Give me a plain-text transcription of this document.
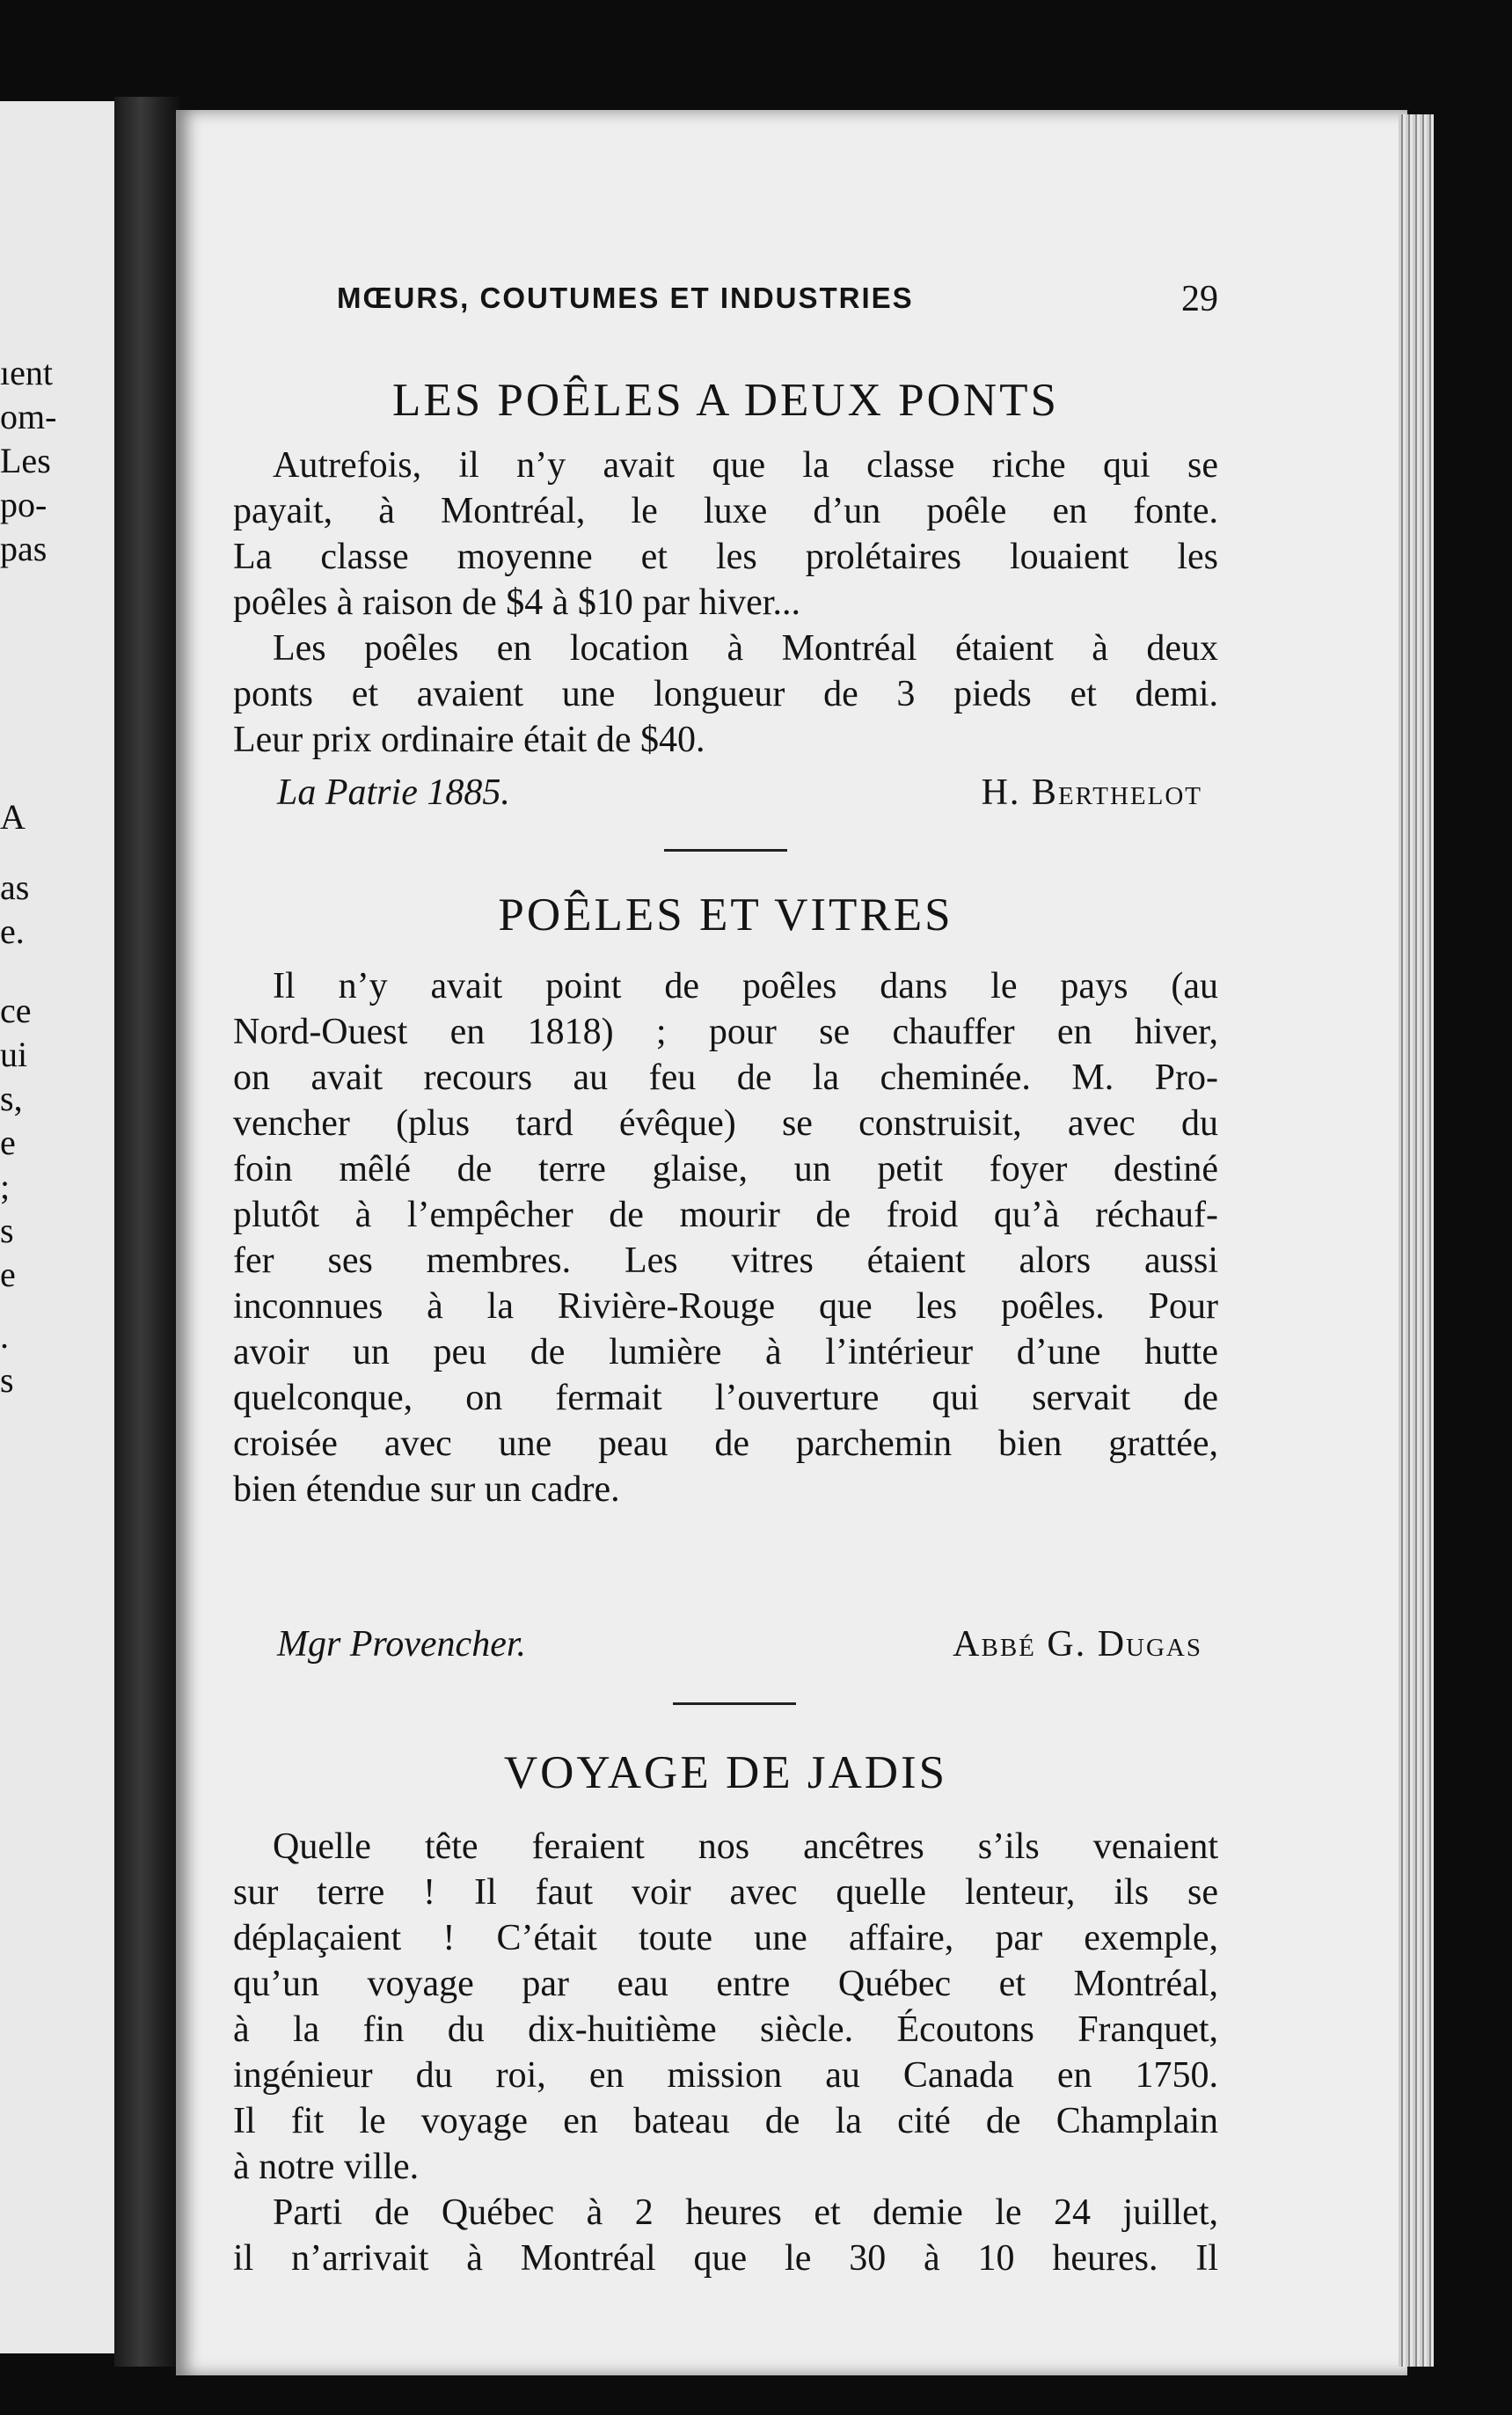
ıent
om-
Les
po-
pas
A
as
e.
ce
ui
s,
e
;
s
e
.
s
MŒURS, COUTUMES ET INDUSTRIES	29
LES POÊLES A DEUX PONTS
Autrefois, il n’y avait que la classe riche qui se
payait, à Montréal, le luxe d’un poêle en fonte.
La classe moyenne et les prolétaires louaient les
poêles à raison de $4 à $10 par hiver...
Les poêles en location à Montréal étaient à deux
ponts et avaient une longueur de 3 pieds et demi.
Leur prix ordinaire était de $40.
La Patrie 1885.	H. Berthelot
POÊLES ET VITRES
Il n’y avait point de poêles dans le pays (au
Nord-Ouest en 1818) ; pour se chauffer en hiver,
on avait recours au feu de la cheminée. M. Pro-
vencher (plus tard évêque) se construisit, avec du
foin mêlé de terre glaise, un petit foyer destiné
plutôt à l’empêcher de mourir de froid qu’à réchauf-
fer ses membres. Les vitres étaient alors aussi
inconnues à la Rivière-Rouge que les poêles. Pour
avoir un peu de lumière à l’intérieur d’une hutte
quelconque, on fermait l’ouverture qui servait de
croisée avec une peau de parchemin bien grattée,
bien étendue sur un cadre.
Mgr Provencher.	Abbé G. Dugas
VOYAGE DE JADIS
Quelle tête feraient nos ancêtres s’ils venaient
sur terre ! Il faut voir avec quelle lenteur, ils se
déplaçaient ! C’était toute une affaire, par exemple,
qu’un voyage par eau entre Québec et Montréal,
à la fin du dix-huitième siècle. Écoutons Franquet,
ingénieur du roi, en mission au Canada en 1750.
Il fit le voyage en bateau de la cité de Champlain
à notre ville.
Parti de Québec à 2 heures et demie le 24 juillet,
il n’arrivait à Montréal que le 30 à 10 heures. Il
